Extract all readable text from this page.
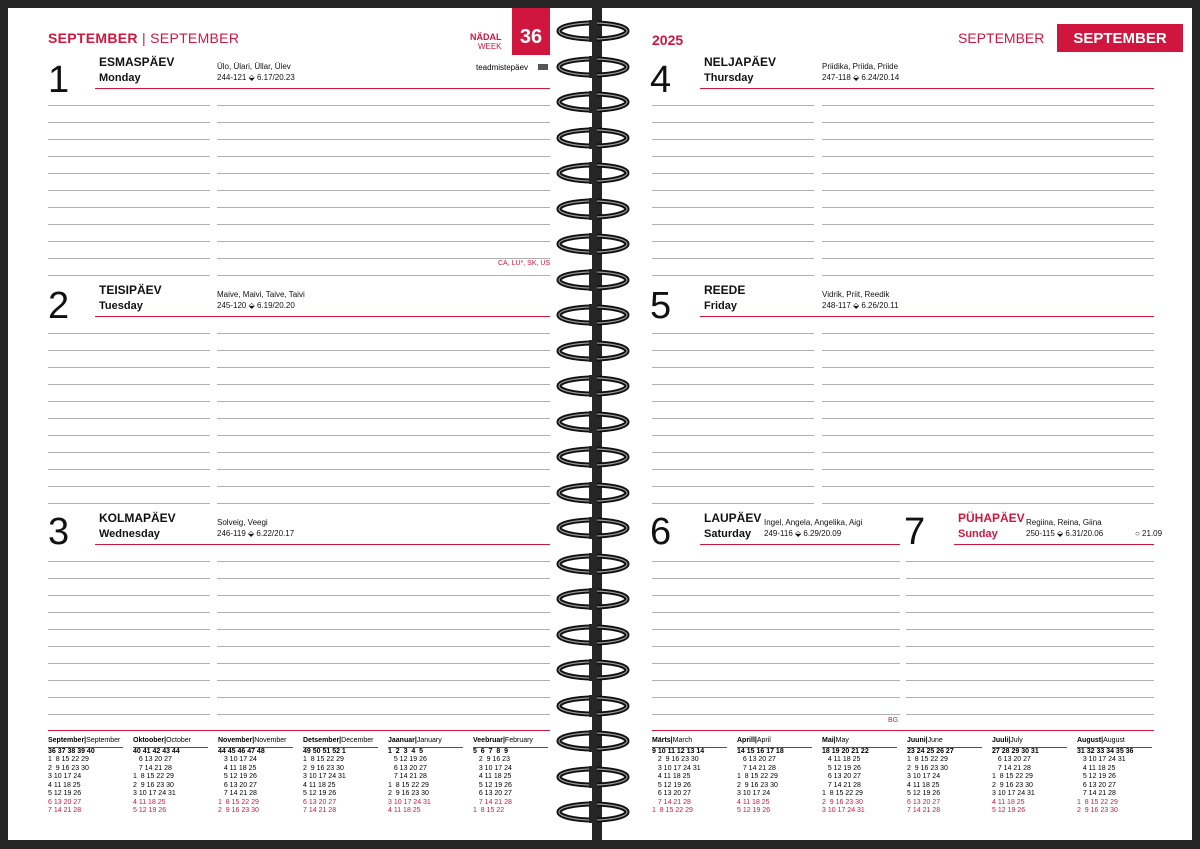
SEPTEMBER | SEPTEMBER	NÄDAL
WEEK 36
1 ESMASPÄEV
Monday
Ülo, Ülari, Üllar, Ülev
244-121 ⬙ 6.17/20.23
teadmistepäev
CA, LU*, SK, US
2 TEISIPÄEV
Tuesday
Maive, Maivi, Taive, Taivi
245-120 ⬙ 6.19/20.20
3 KOLMAPÄEV
Wednesday
Solveig, Veegi
246-119 ⬙ 6.22/20.17
September|September
36 37 38 39 40
1  8 15 22 29
2  9 16 23 30
3 10 17 24
4 11 18 25
5 12 19 26
6 13 20 27
7 14 21 28
Oktoober|October
40 41 42 43 44
6 13 20 27
7 14 21 28
1  8 15 22 29
2  9 16 23 30
3 10 17 24 31
4 11 18 25
5 12 19 26
November|November
44 45 46 47 48
3 10 17 24
4 11 18 25
5 12 19 26
6 13 20 27
7 14 21 28
1  8 15 22 29
2  9 16 23 30
Detsember|December
49 50 51 52 1
1  8 15 22 29
2  9 16 23 30
3 10 17 24 31
4 11 18 25
5 12 19 26
6 13 20 27
7 14 21 28
Jaanuar|January
1  2  3  4  5
5 12 19 26
6 13 20 27
7 14 21 28
1  8 15 22 29
2  9 16 23 30
3 10 17 24 31
4 11 18 25
Veebruar|February
5  6  7  8  9
2  9 16 23
3 10 17 24
4 11 18 25
5 12 19 26
6 13 20 27
7 14 21 28
1  8 15 22
2025	SEPTEMBER	SEPTEMBER
4	NELJAPÄEV
Thursday
Priidika, Priida, Priide
247-118 ⬙ 6.24/20.14
5	REEDE
Friday
Vidrik, Priit, Reedik
248-117 ⬙ 6.26/20.11
6	LAUPÄEV
Saturday
Ingel, Angela, Angelika, Aigi
249-116 ⬙ 6.29/20.09
BG
7	PÜHAPÄEV
Sunday
Regiina, Reina, Giina
250-115 ⬙ 6.31/20.06	○ 21.09
Märts|March
9 10 11 12 13 14
2  9 16 23 30
3 10 17 24 31
4 11 18 25
5 12 19 26
6 13 20 27
7 14 21 28
1  8 15 22 29
Aprill|April
14 15 16 17 18
6 13 20 27
7 14 21 28
1  8 15 22 29
2  9 16 23 30
3 10 17 24
4 11 18 25
5 12 19 26
Mai|May
18 19 20 21 22
4 11 18 25
5 12 19 26
6 13 20 27
7 14 21 28
1  8 15 22 29
2  9 16 23 30
3 10 17 24 31
Juuni|June
23 24 25 26 27
1  8 15 22 29
2  9 16 23 30
3 10 17 24
4 11 18 25
5 12 19 26
6 13 20 27
7 14 21 28
Juuli|July
27 28 29 30 31
6 13 20 27
7 14 21 28
1  8 15 22 29
2  9 16 23 30
3 10 17 24 31
4 11 18 25
5 12 19 26
August|August
31 32 33 34 35 36
3 10 17 24 31
4 11 18 25
5 12 19 26
6 13 20 27
7 14 21 28
1  8 15 22 29
2  9 16 23 30
